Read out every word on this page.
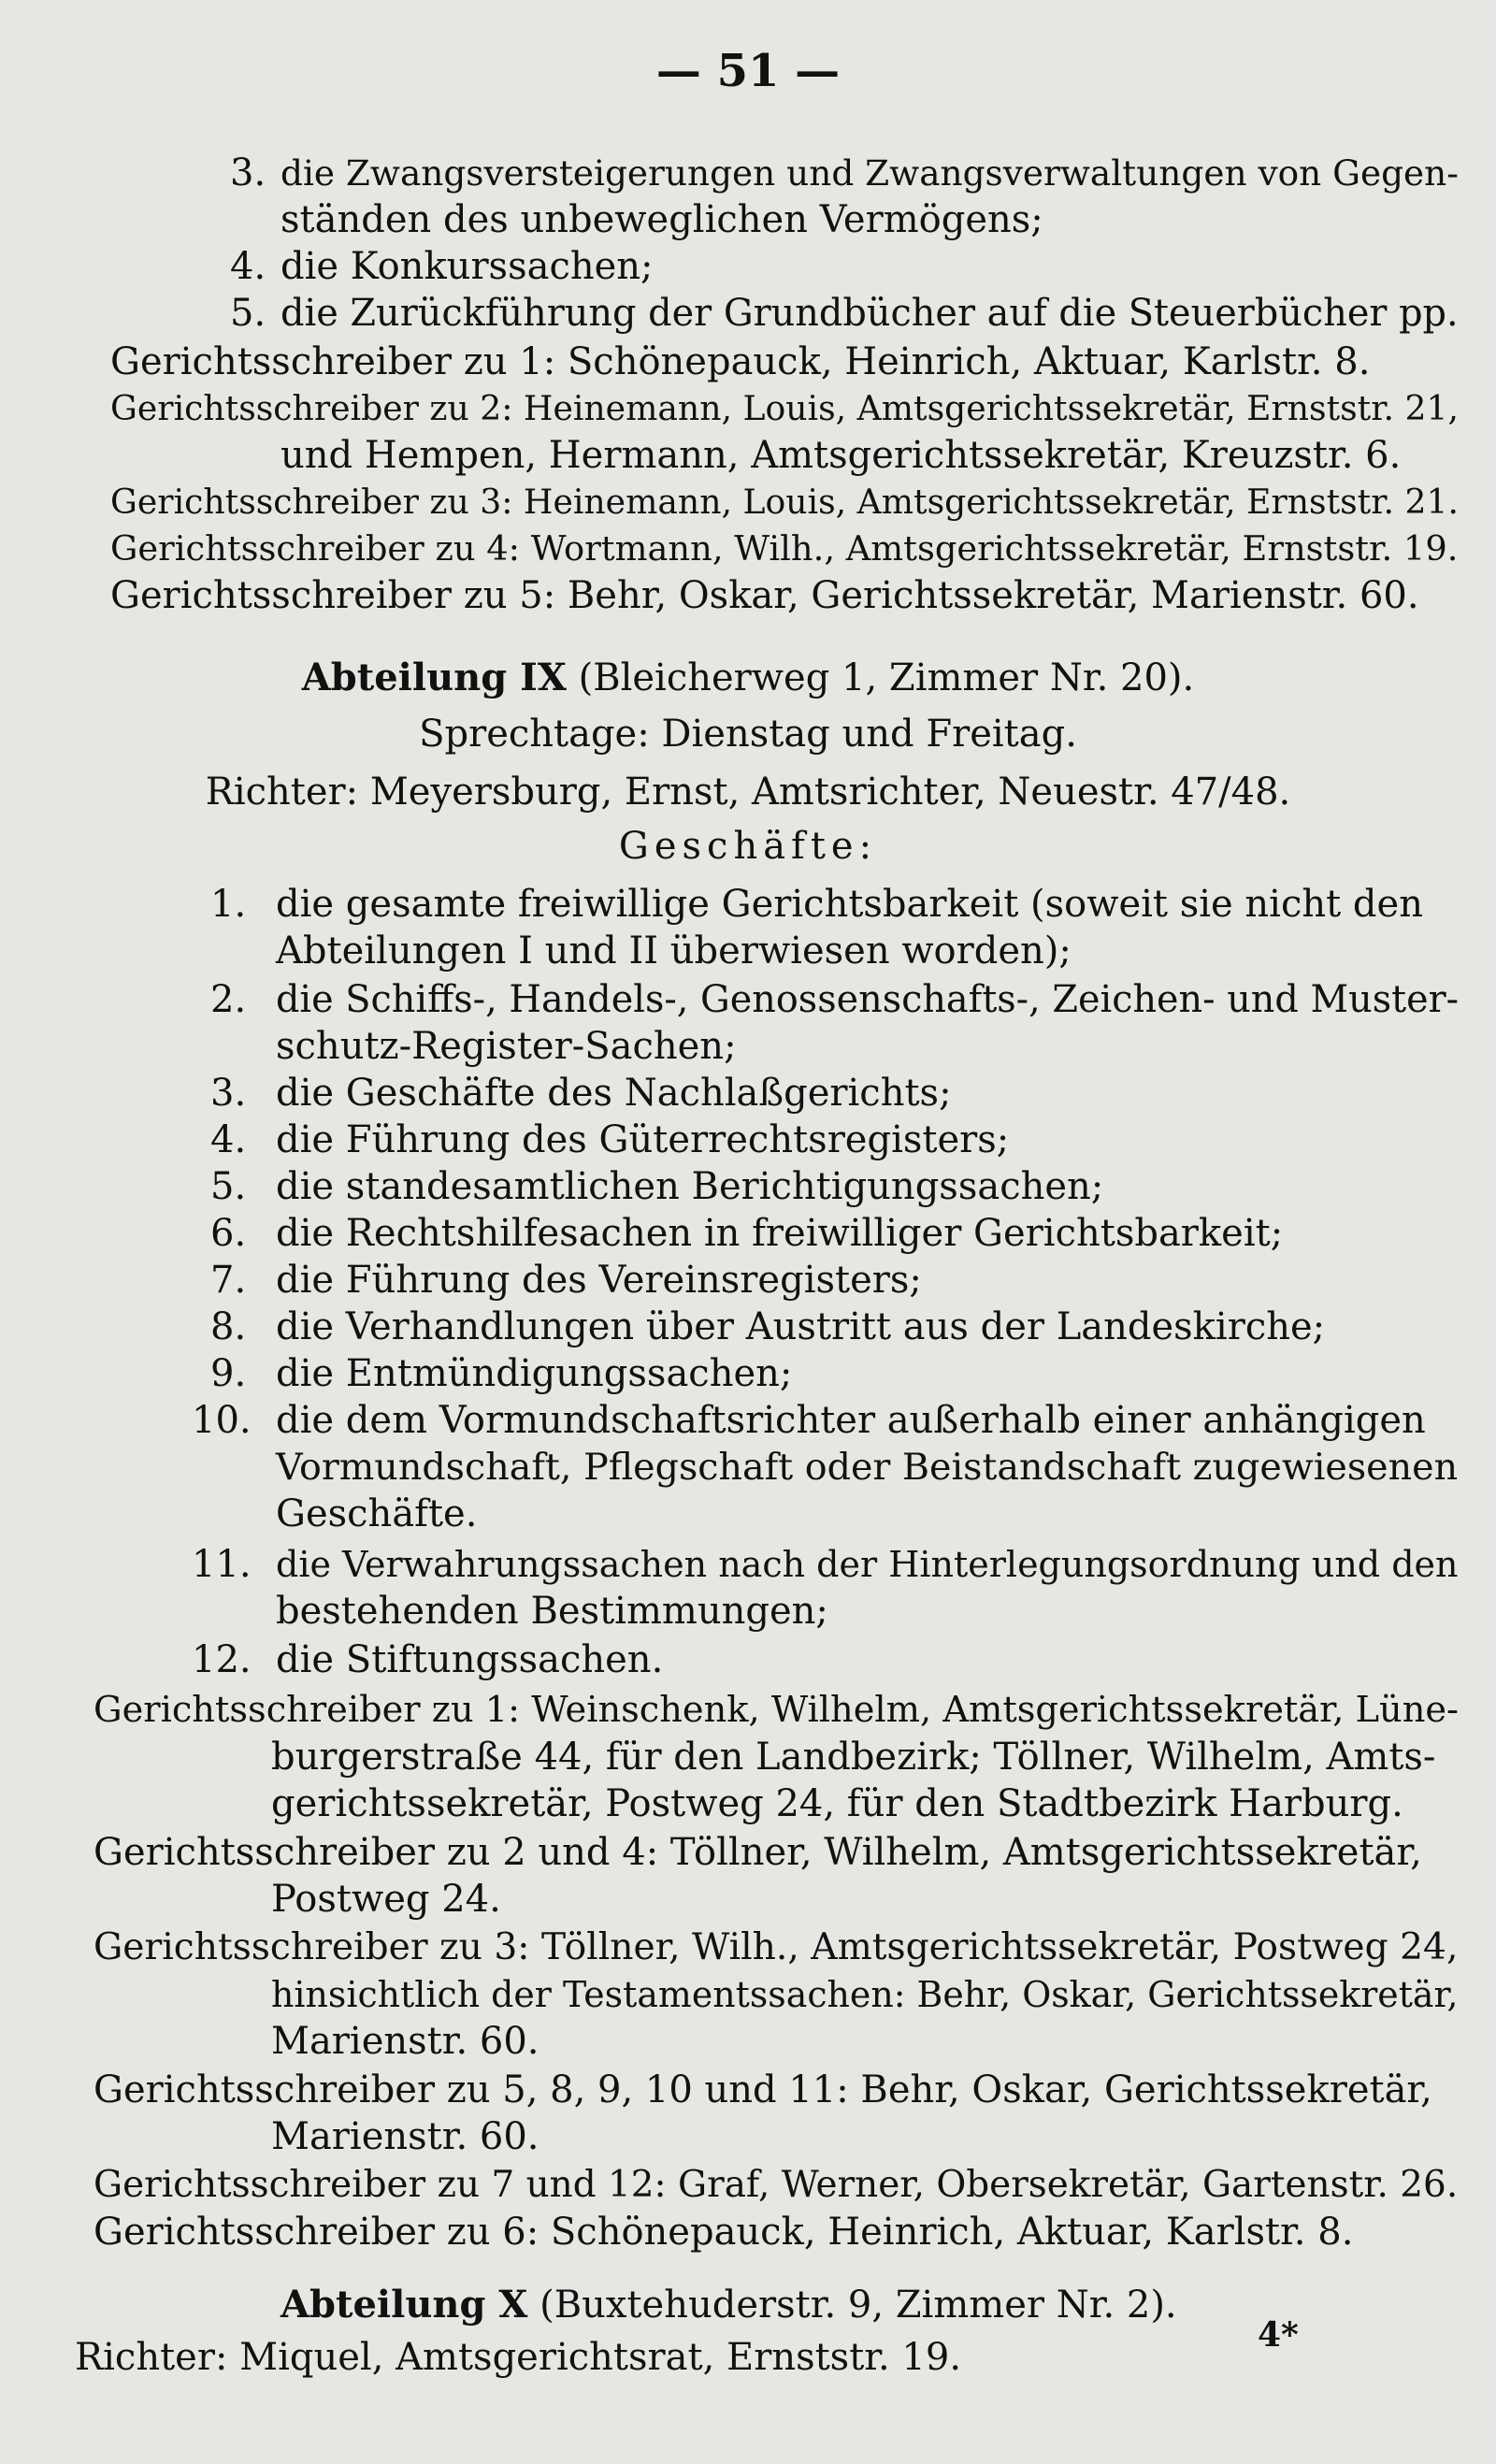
— 51 —
3. die Zwangsversteigerungen und Zwangsverwaltungen von Gegen-
ständen des unbeweglichen Vermögens;
4. die Konkurssachen;
5. die Zurückführung der Grundbücher auf die Steuerbücher pp.
Gerichtsschreiber zu 1: Schönepauck, Heinrich, Aktuar, Karlstr. 8.
Gerichtsschreiber zu 2: Heinemann, Louis, Amtsgerichtssekretär, Ernststr. 21,
und Hempen, Hermann, Amtsgerichtssekretär, Kreuzstr. 6.
Gerichtsschreiber zu 3: Heinemann, Louis, Amtsgerichtssekretär, Ernststr. 21.
Gerichtsschreiber zu 4: Wortmann, Wilh., Amtsgerichtssekretär, Ernststr. 19.
Gerichtsschreiber zu 5: Behr, Oskar, Gerichtssekretär, Marienstr. 60.
Abteilung IX (Bleicherweg 1, Zimmer Nr. 20).
Sprechtage: Dienstag und Freitag.
Richter: Meyersburg, Ernst, Amtsrichter, Neuestr. 47/48.
Geschäfte:
1. die gesamte freiwillige Gerichtsbarkeit (soweit sie nicht den
Abteilungen I und II überwiesen worden);
2. die Schiffs-, Handels-, Genossenschafts-, Zeichen- und Muster-
schutz-Register-Sachen;
3. die Geschäfte des Nachlaßgerichts;
4. die Führung des Güterrechtsregisters;
5. die standesamtlichen Berichtigungssachen;
6. die Rechtshilfesachen in freiwilliger Gerichtsbarkeit;
7. die Führung des Vereinsregisters;
8. die Verhandlungen über Austritt aus der Landeskirche;
9. die Entmündigungssachen;
10. die dem Vormundschaftsrichter außerhalb einer anhängigen
Vormundschaft, Pflegschaft oder Beistandschaft zugewiesenen
Geschäfte.
11. die Verwahrungssachen nach der Hinterlegungsordnung und den
bestehenden Bestimmungen;
12. die Stiftungssachen.
Gerichtsschreiber zu 1: Weinschenk, Wilhelm, Amtsgerichtssekretär, Lüne-
burgerstraße 44, für den Landbezirk; Töllner, Wilhelm, Amts-
gerichtssekretär, Postweg 24, für den Stadtbezirk Harburg.
Gerichtsschreiber zu 2 und 4: Töllner, Wilhelm, Amtsgerichtssekretär,
Postweg 24.
Gerichtsschreiber zu 3: Töllner, Wilh., Amtsgerichtssekretär, Postweg 24,
hinsichtlich der Testamentssachen: Behr, Oskar, Gerichtssekretär,
Marienstr. 60.
Gerichtsschreiber zu 5, 8, 9, 10 und 11: Behr, Oskar, Gerichtssekretär,
Marienstr. 60.
Gerichtsschreiber zu 7 und 12: Graf, Werner, Obersekretär, Gartenstr. 26.
Gerichtsschreiber zu 6: Schönepauck, Heinrich, Aktuar, Karlstr. 8.
Abteilung X (Buxtehuderstr. 9, Zimmer Nr. 2).
Richter: Miquel, Amtsgerichtsrat, Ernststr. 19.
4*
